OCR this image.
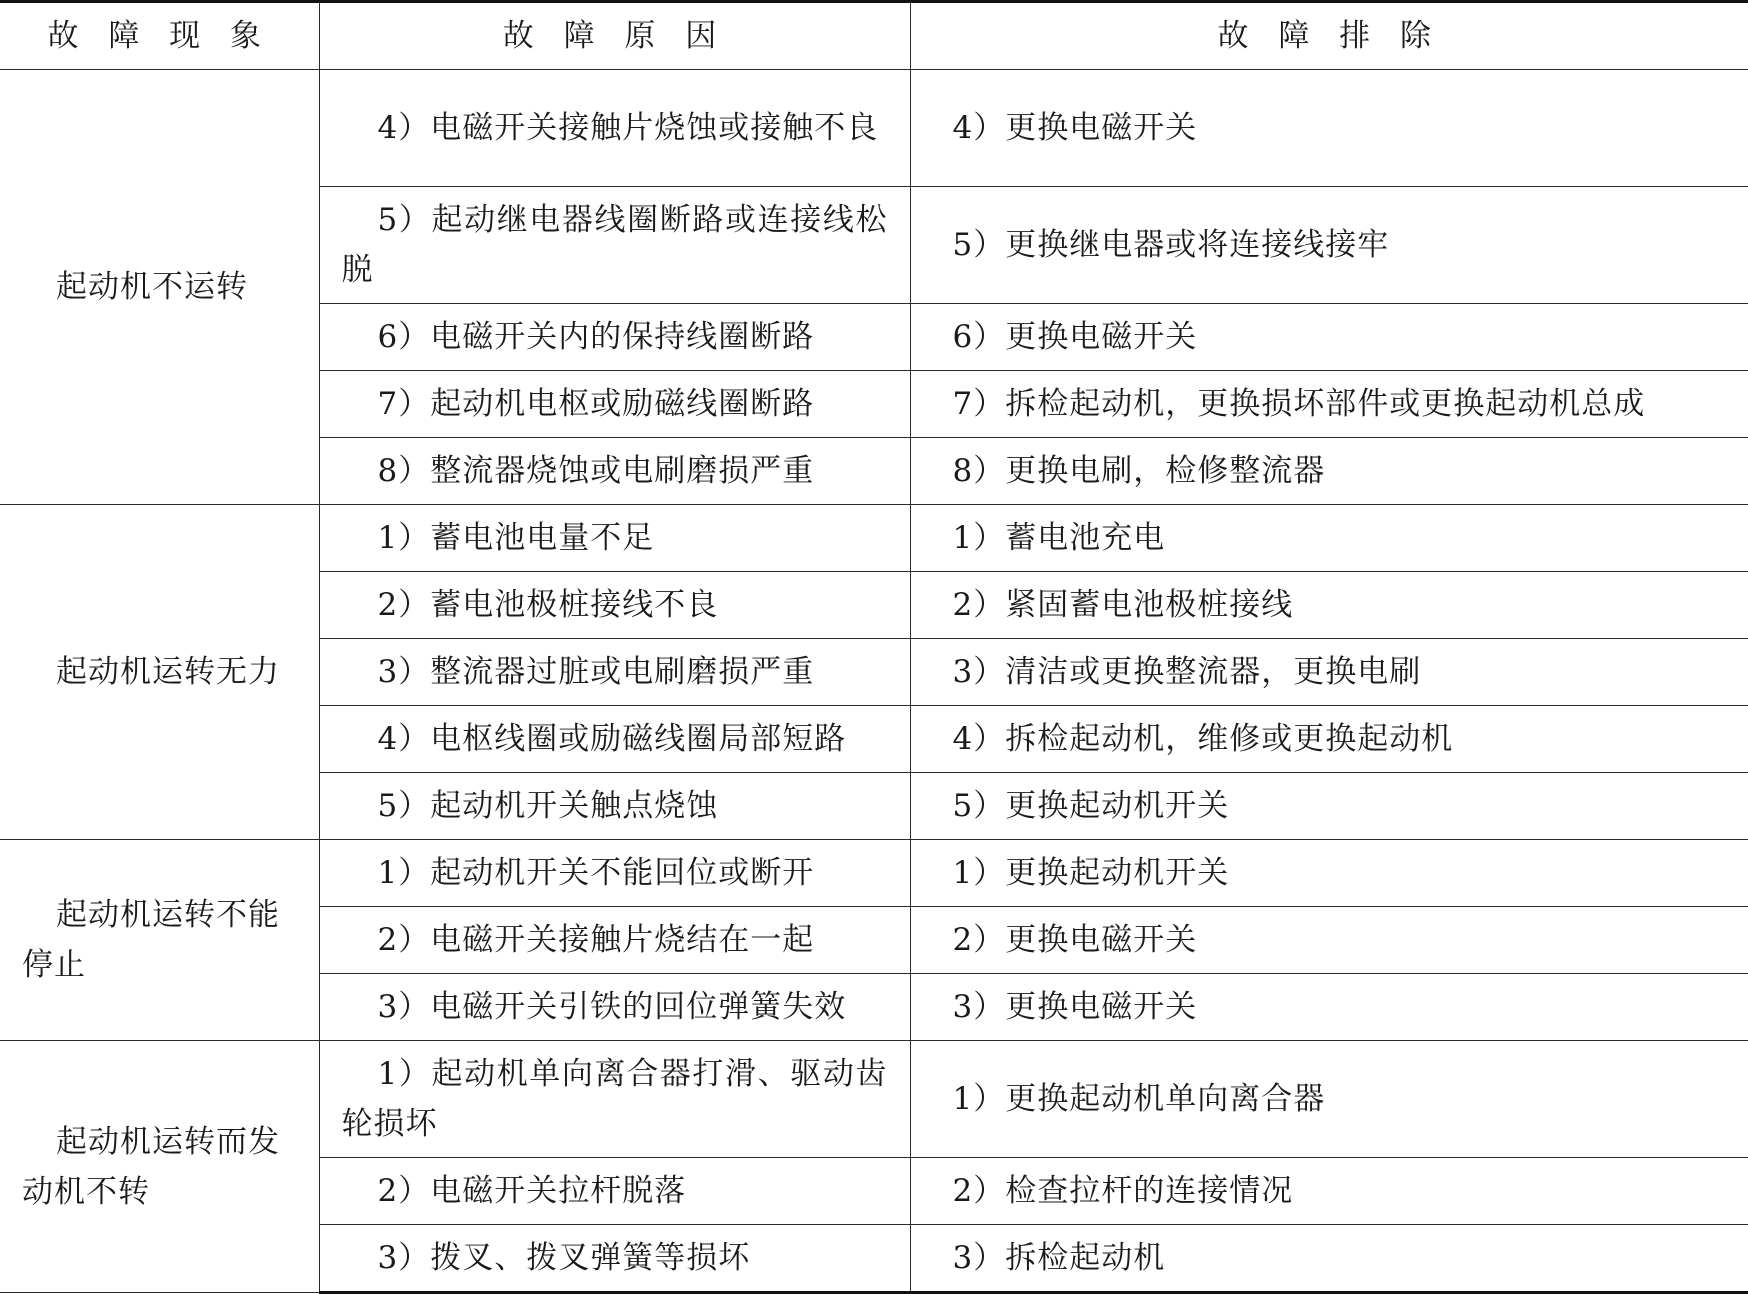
故 障 现 象	故 障 原 因	故 障 排 除
起动机不运转	4）电磁开关接触片烧蚀或接触不良	4）更换电磁开关
	5）起动继电器线圈断路或连接线松脱	5）更换继电器或将连接线接牢
	6）电磁开关内的保持线圈断路	6）更换电磁开关
	7）起动机电枢或励磁线圈断路	7）拆检起动机，更换损坏部件或更换起动机总成
	8）整流器烧蚀或电刷磨损严重	8）更换电刷，检修整流器
起动机运转无力	1）蓄电池电量不足	1）蓄电池充电
	2）蓄电池极桩接线不良	2）紧固蓄电池极桩接线
	3）整流器过脏或电刷磨损严重	3）清洁或更换整流器，更换电刷
	4）电枢线圈或励磁线圈局部短路	4）拆检起动机，维修或更换起动机
	5）起动机开关触点烧蚀	5）更换起动机开关
起动机运转不能停止	1）起动机开关不能回位或断开	1）更换起动机开关
	2）电磁开关接触片烧结在一起	2）更换电磁开关
	3）电磁开关引铁的回位弹簧失效	3）更换电磁开关
起动机运转而发动机不转	1）起动机单向离合器打滑、驱动齿轮损坏	1）更换起动机单向离合器
	2）电磁开关拉杆脱落	2）检查拉杆的连接情况
	3）拨叉、拨叉弹簧等损坏	3）拆检起动机
